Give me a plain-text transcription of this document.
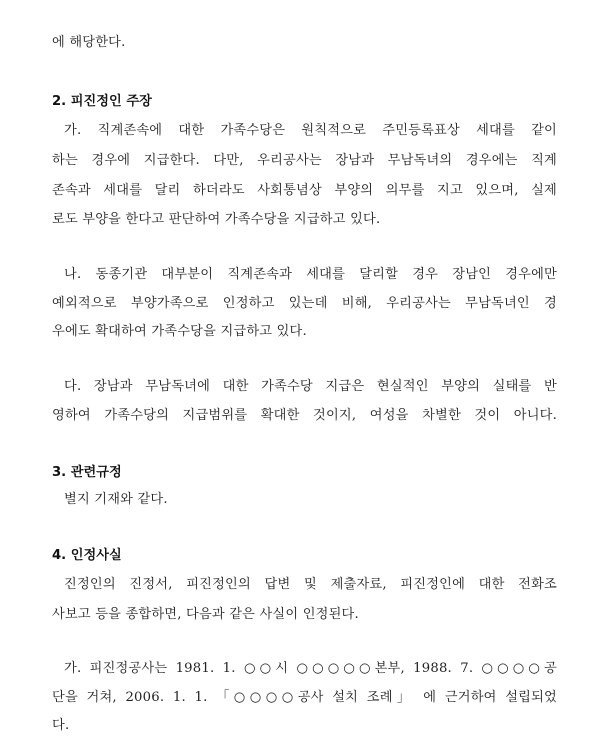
에 해당한다.
2. 피진정인 주장
가. 직계존속에 대한 가족수당은 원칙적으로 주민등록표상 세대를 같이
하는 경우에 지급한다. 다만, 우리공사는 장남과 무남독녀의 경우에는 직계
존속과 세대를 달리 하더라도 사회통념상 부양의 의무를 지고 있으며, 실제
로도 부양을 한다고 판단하여 가족수당을 지급하고 있다.
나. 동종기관 대부분이 직계존속과 세대를 달리할 경우 장남인 경우에만
예외적으로 부양가족으로 인정하고 있는데 비해, 우리공사는 무남독녀인 경
우에도 확대하여 가족수당을 지급하고 있다.
다. 장남과 무남독녀에 대한 가족수당 지급은 현실적인 부양의 실태를 반
영하여 가족수당의 지급범위를 확대한 것이지, 여성을 차별한 것이 아니다.
3. 관련규정
별지 기재와 같다.
4. 인정사실
진정인의 진정서, 피진정인의 답변 및 제출자료, 피진정인에 대한 전화조
사보고 등을 종합하면, 다음과 같은 사실이 인정된다.
가. 피진정공사는 1981. 1. ○○시 ○○○○○본부, 1988. 7. ○○○○공
단을 거쳐, 2006. 1. 1. 「○○○○공사 설치 조례」 에 근거하여 설립되었
다.
